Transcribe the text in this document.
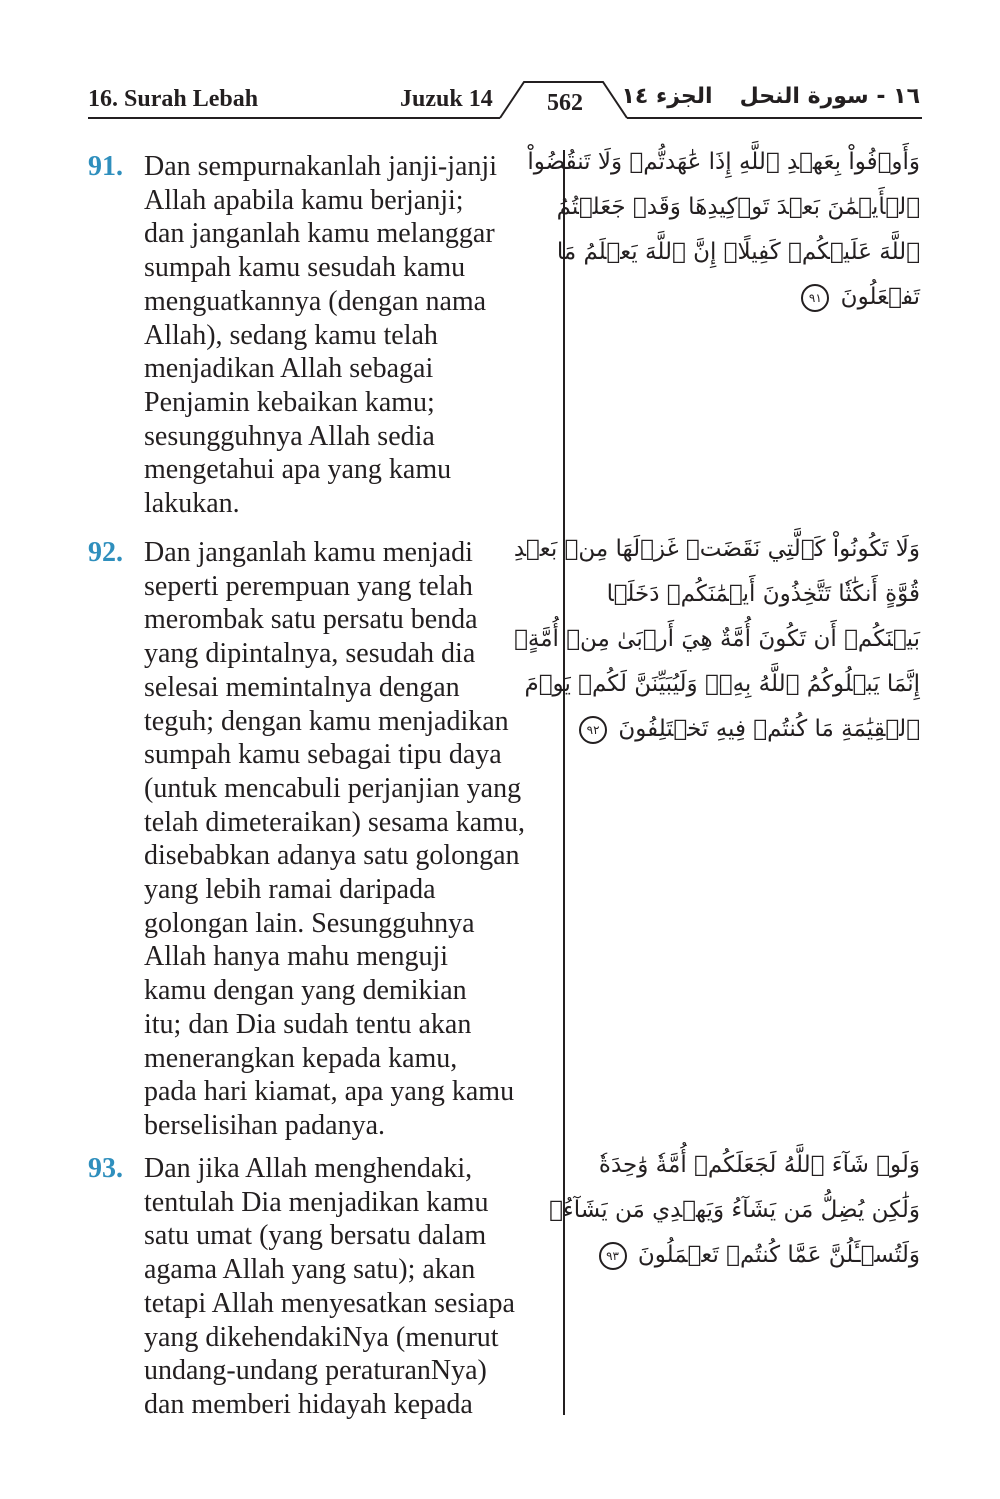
16. Surah Lebah	Juzuk 14	562	الجزء ١٤	١٦ - سورة النحل
91. Dan sempurnakanlah janji-janji
Allah apabila kamu berjanji;
dan janganlah kamu melanggar
sumpah kamu sesudah kamu
menguatkannya (dengan nama
Allah), sedang kamu telah
menjadikan Allah sebagai
Penjamin kebaikan kamu;
sesungguhnya Allah sedia
mengetahui apa yang kamu
lakukan.
وَأَوۡفُواْ بِعَهۡدِ ٱللَّهِ إِذَا عَٰهَدتُّمۡ وَلَا تَنقُضُواْ
ٱلۡأَيۡمَٰنَ بَعۡدَ تَوۡكِيدِهَا وَقَدۡ جَعَلۡتُمُ
ٱللَّهَ عَلَيۡكُمۡ كَفِيلًاۚ إِنَّ ٱللَّهَ يَعۡلَمُ مَا
تَفۡعَلُونَ ٩١
92. Dan janganlah kamu menjadi
seperti perempuan yang telah
merombak satu persatu benda
yang dipintalnya, sesudah dia
selesai memintalnya dengan
teguh; dengan kamu menjadikan
sumpah kamu sebagai tipu daya
(untuk mencabuli perjanjian yang
telah dimeteraikan) sesama kamu,
disebabkan adanya satu golongan
yang lebih ramai daripada
golongan lain. Sesungguhnya
Allah hanya mahu menguji
kamu dengan yang demikian
itu; dan Dia sudah tentu akan
menerangkan kepada kamu,
pada hari kiamat, apa yang kamu
berselisihan padanya.
وَلَا تَكُونُواْ كَٱلَّتِي نَقَضَتۡ غَزۡلَهَا مِنۢ بَعۡدِ
قُوَّةٍ أَنكَٰثٗا تَتَّخِذُونَ أَيۡمَٰنَكُمۡ دَخَلَۢا
بَيۡنَكُمۡ أَن تَكُونَ أُمَّةٌ هِيَ أَرۡبَىٰ مِنۡ أُمَّةٍۚ
إِنَّمَا يَبۡلُوكُمُ ٱللَّهُ بِهِۦۚ وَلَيُبَيِّنَنَّ لَكُمۡ يَوۡمَ
ٱلۡقِيَٰمَةِ مَا كُنتُمۡ فِيهِ تَخۡتَلِفُونَ ٩٢
93. Dan jika Allah menghendaki,
tentulah Dia menjadikan kamu
satu umat (yang bersatu dalam
agama Allah yang satu); akan
tetapi Allah menyesatkan sesiapa
yang dikehendakiNya (menurut
undang-undang peraturanNya)
dan memberi hidayah kepada
وَلَوۡ شَآءَ ٱللَّهُ لَجَعَلَكُمۡ أُمَّةٗ وَٰحِدَةٗ
وَلَٰكِن يُضِلُّ مَن يَشَآءُ وَيَهۡدِي مَن يَشَآءُۚ
وَلَتُسۡـَٔلُنَّ عَمَّا كُنتُمۡ تَعۡمَلُونَ ٩٣
